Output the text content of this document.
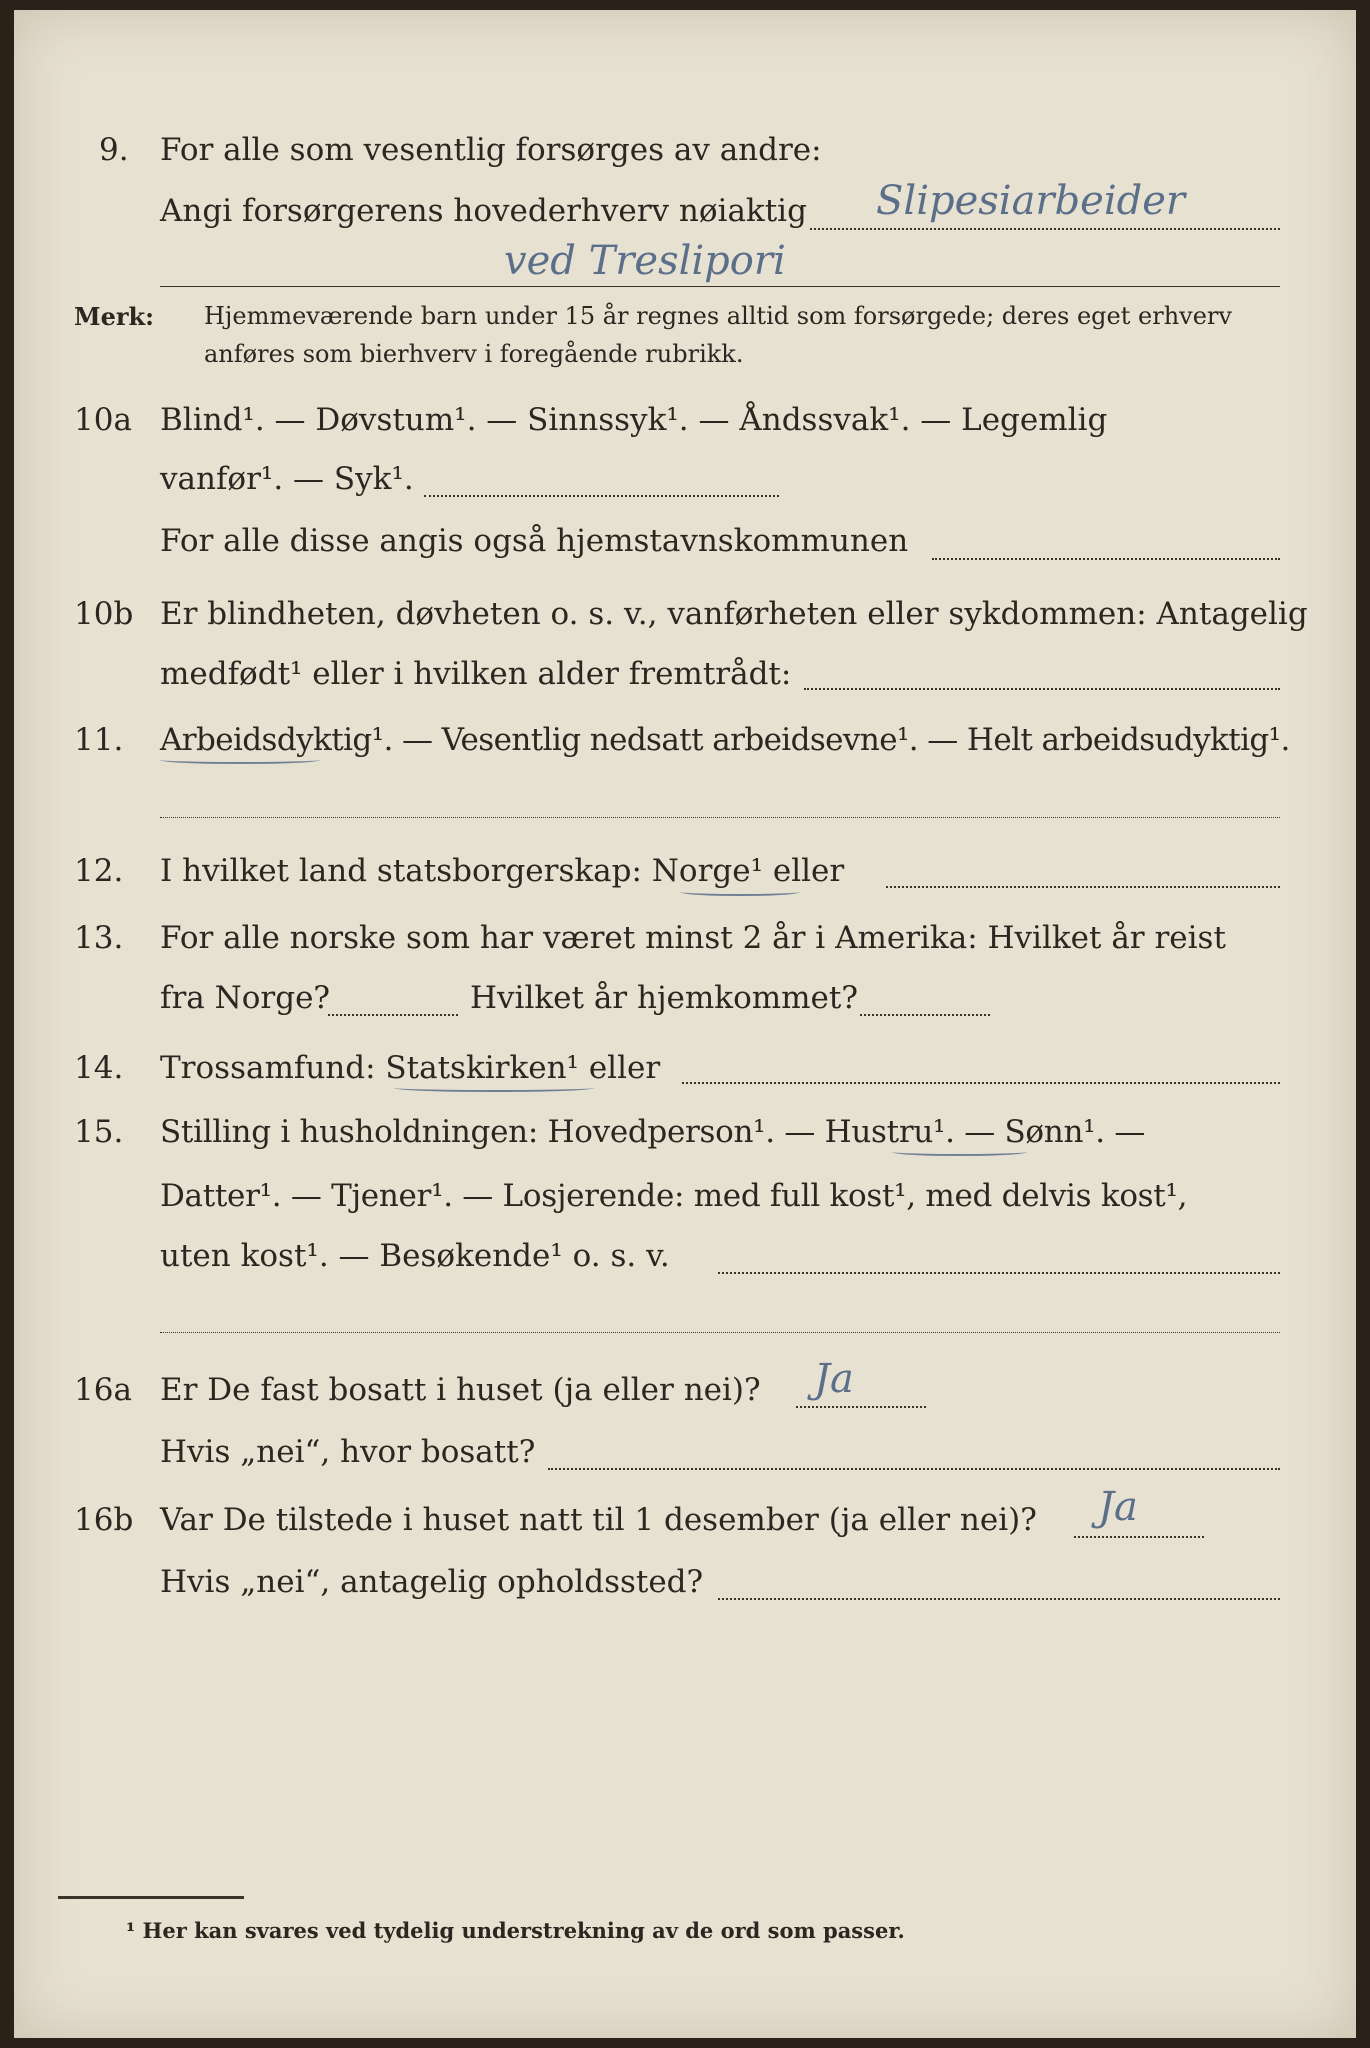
9. For alle som vesentlig forsørges av andre:
Angi forsørgerens hovederhverv nøiaktig Slipesiarbeider
ved Treslipori
Merk: Hjemmeværende barn under 15 år regnes alltid som forsørgede; deres eget erhverv
anføres som bierhverv i foregående rubrikk.
10a Blind¹. — Døvstum¹. — Sinnssyk¹. — Åndssvak¹. — Legemlig
vanfør¹. — Syk¹.
For alle disse angis også hjemstavnskommunen
10b Er blindheten, døvheten o. s. v., vanførheten eller sykdommen: Antagelig
medfødt¹ eller i hvilken alder fremtrådt:
11. Arbeidsdyktig¹. — Vesentlig nedsatt arbeidsevne¹. — Helt arbeidsudyktig¹.
12. I hvilket land statsborgerskap: Norge¹ eller
13. For alle norske som har været minst 2 år i Amerika: Hvilket år reist
fra Norge?	Hvilket år hjemkommet?
14. Trossamfund: Statskirken¹ eller
15. Stilling i husholdningen: Hovedperson¹. — Hustru¹. — Sønn¹. —
Datter¹. — Tjener¹. — Losjerende: med full kost¹, med delvis kost¹,
uten kost¹. — Besøkende¹ o. s. v.
16a Er De fast bosatt i huset (ja eller nei)? Ja
Hvis „nei“, hvor bosatt?
16b Var De tilstede i huset natt til 1 desember (ja eller nei)? Ja
Hvis „nei“, antagelig opholdssted?
¹ Her kan svares ved tydelig understrekning av de ord som passer.
